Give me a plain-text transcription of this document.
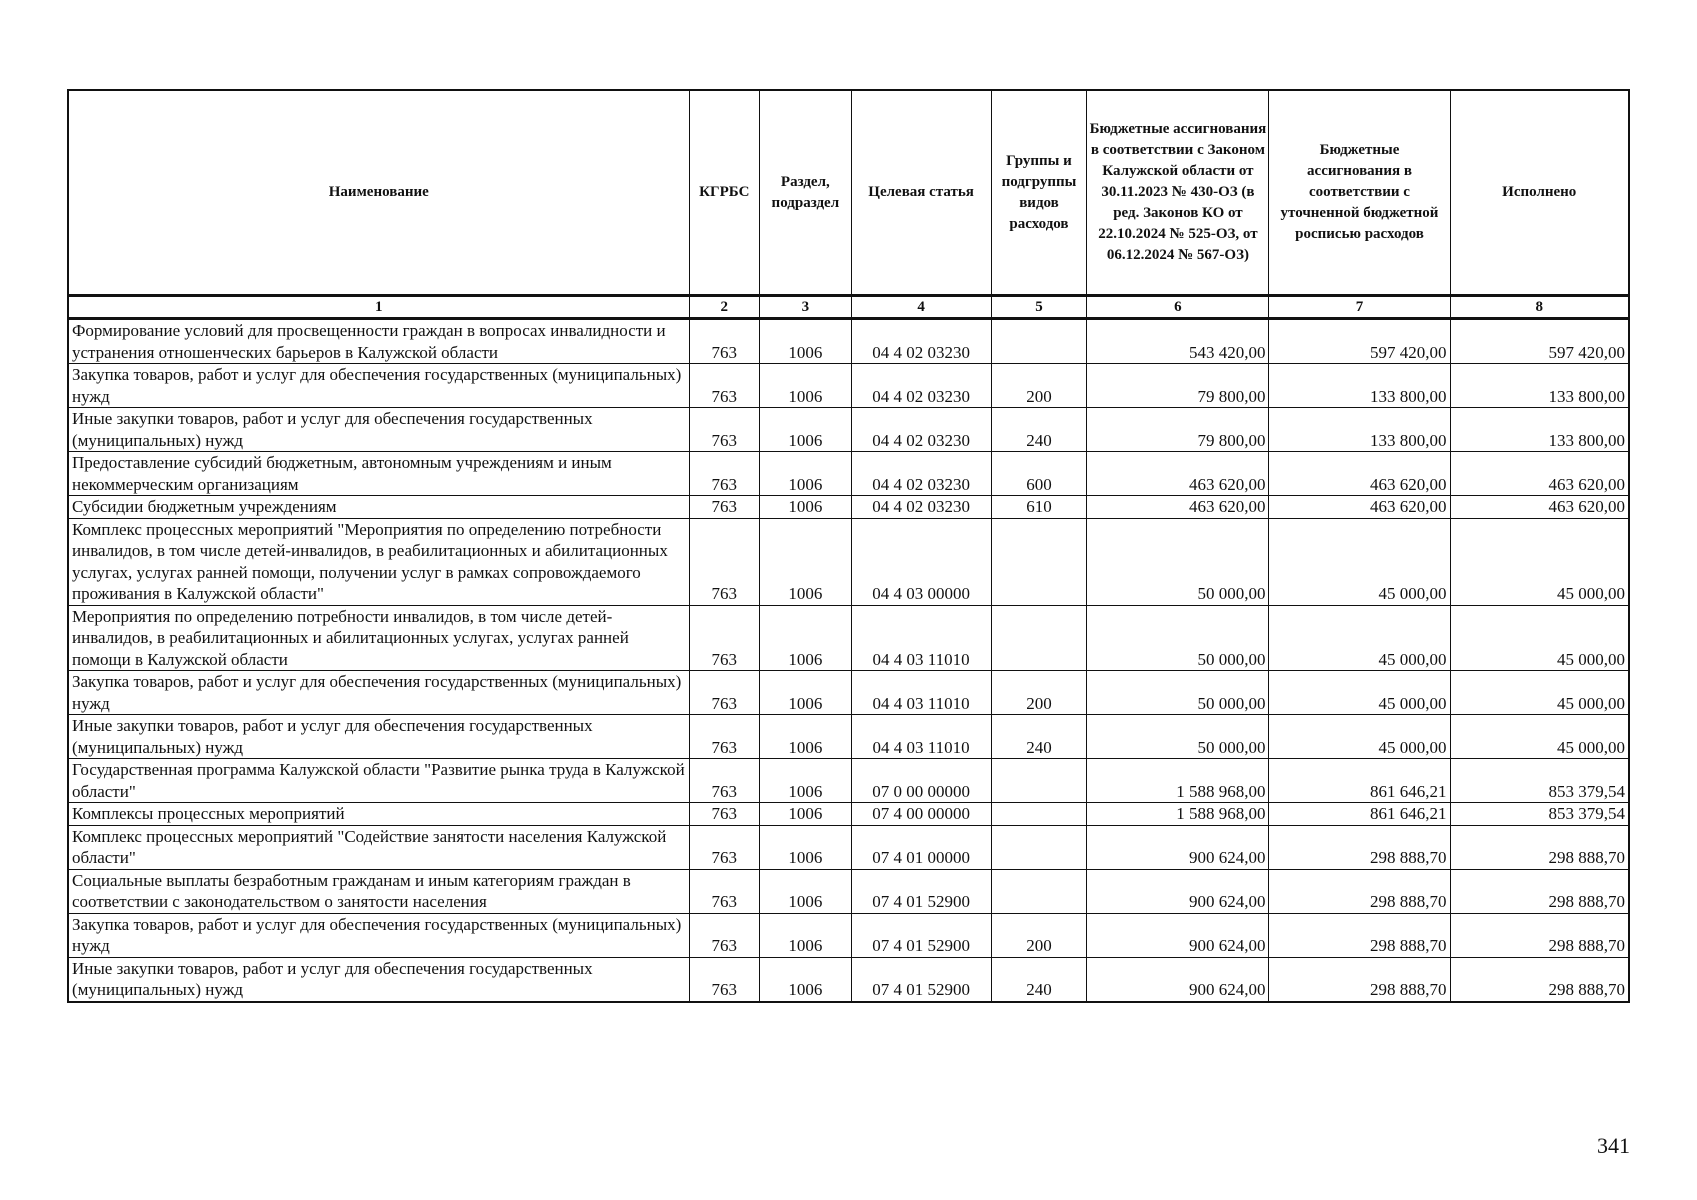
Наименование	КГРБС	Раздел, подраздел	Целевая статья	Группы и подгруппы видов расходов	Бюджетные ассигнования в соответствии с Законом Калужской области от 30.11.2023 № 430-ОЗ (в ред. Законов КО от 22.10.2024 № 525-ОЗ, от 06.12.2024 № 567-ОЗ)	Бюджетные ассигнования в соответствии с уточненной бюджетной росписью расходов	Исполнено
1	2	3	4	5	6	7	8
Формирование условий для просвещенности граждан в вопросах инвалидности и устранения отношенческих барьеров в Калужской области	763	1006	04 4 02 03230		543 420,00	597 420,00	597 420,00
Закупка товаров, работ и услуг для обеспечения государственных (муниципальных) нужд	763	1006	04 4 02 03230	200	79 800,00	133 800,00	133 800,00
Иные закупки товаров, работ и услуг для обеспечения государственных (муниципальных) нужд	763	1006	04 4 02 03230	240	79 800,00	133 800,00	133 800,00
Предоставление субсидий бюджетным, автономным учреждениям и иным некоммерческим организациям	763	1006	04 4 02 03230	600	463 620,00	463 620,00	463 620,00
Субсидии бюджетным учреждениям	763	1006	04 4 02 03230	610	463 620,00	463 620,00	463 620,00
Комплекс процессных мероприятий "Мероприятия по определению потребности инвалидов, в том числе детей-инвалидов, в реабилитационных и абилитационных услугах, услугах ранней помощи, получении услуг в рамках сопровождаемого проживания в Калужской области"	763	1006	04 4 03 00000		50 000,00	45 000,00	45 000,00
Мероприятия по определению потребности инвалидов, в том числе детей-инвалидов, в реабилитационных и абилитационных услугах, услугах ранней помощи в Калужской области	763	1006	04 4 03 11010		50 000,00	45 000,00	45 000,00
Закупка товаров, работ и услуг для обеспечения государственных (муниципальных) нужд	763	1006	04 4 03 11010	200	50 000,00	45 000,00	45 000,00
Иные закупки товаров, работ и услуг для обеспечения государственных (муниципальных) нужд	763	1006	04 4 03 11010	240	50 000,00	45 000,00	45 000,00
Государственная программа Калужской области "Развитие рынка труда в Калужской области"	763	1006	07 0 00 00000		1 588 968,00	861 646,21	853 379,54
Комплексы процессных мероприятий	763	1006	07 4 00 00000		1 588 968,00	861 646,21	853 379,54
Комплекс процессных мероприятий "Содействие занятости населения Калужской области"	763	1006	07 4 01 00000		900 624,00	298 888,70	298 888,70
Социальные выплаты безработным гражданам и иным категориям граждан в соответствии с законодательством о занятости населения	763	1006	07 4 01 52900		900 624,00	298 888,70	298 888,70
Закупка товаров, работ и услуг для обеспечения государственных (муниципальных) нужд	763	1006	07 4 01 52900	200	900 624,00	298 888,70	298 888,70
Иные закупки товаров, работ и услуг для обеспечения государственных (муниципальных) нужд	763	1006	07 4 01 52900	240	900 624,00	298 888,70	298 888,70
341
